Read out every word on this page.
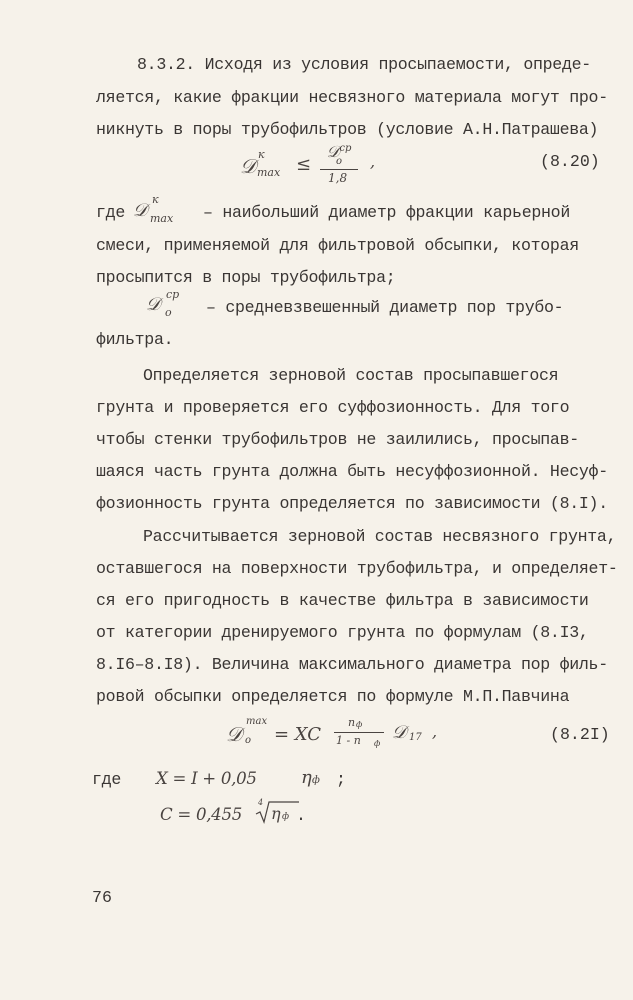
8.3.2. Исходя из условия просыпаемости, опреде-
ляется, какие фракции несвязного материала могут про-
никнуть в поры трубофильтров (условие А.Н.Патрашева)
𝒟 к
max ≤
𝒟$^{ср}$
o
1,8
,	(8.20)
где 𝒟
к
max – наибольший диаметр фракции карьерной
смеси, применяемой для фильтровой обсыпки, которая
просыпится в поры трубофильтра;
𝒟 ср
o – средневзвешенный диаметр пор трубо-
фильтра.
Определяется зерновой состав просыпавшегося
грунта и проверяется его суффозионность. Для того
чтобы стенки трубофильтров не заилились, просыпав-
шаяся часть грунта должна быть несуффозионной. Несуф-
фозионность грунта определяется по зависимости (8.I).
Рассчитывается зерновой состав несвязного грунта,
оставшегося на поверхности трубофильтра, и определяет-
ся его пригодность в качестве фильтра в зависимости
от категории дренируемого грунта по формулам (8.I3,
8.I6–8.I8). Величина максимального диаметра пор филь-
ровой обсыпки определяется по формуле М.П.Павчина
𝒟
max
o = XC
n ф
1 - n ф
𝒟 17 ,	(8.2I)
где X = I + 0,05 η ф ;
C = 0,455
4
η ф .
76
